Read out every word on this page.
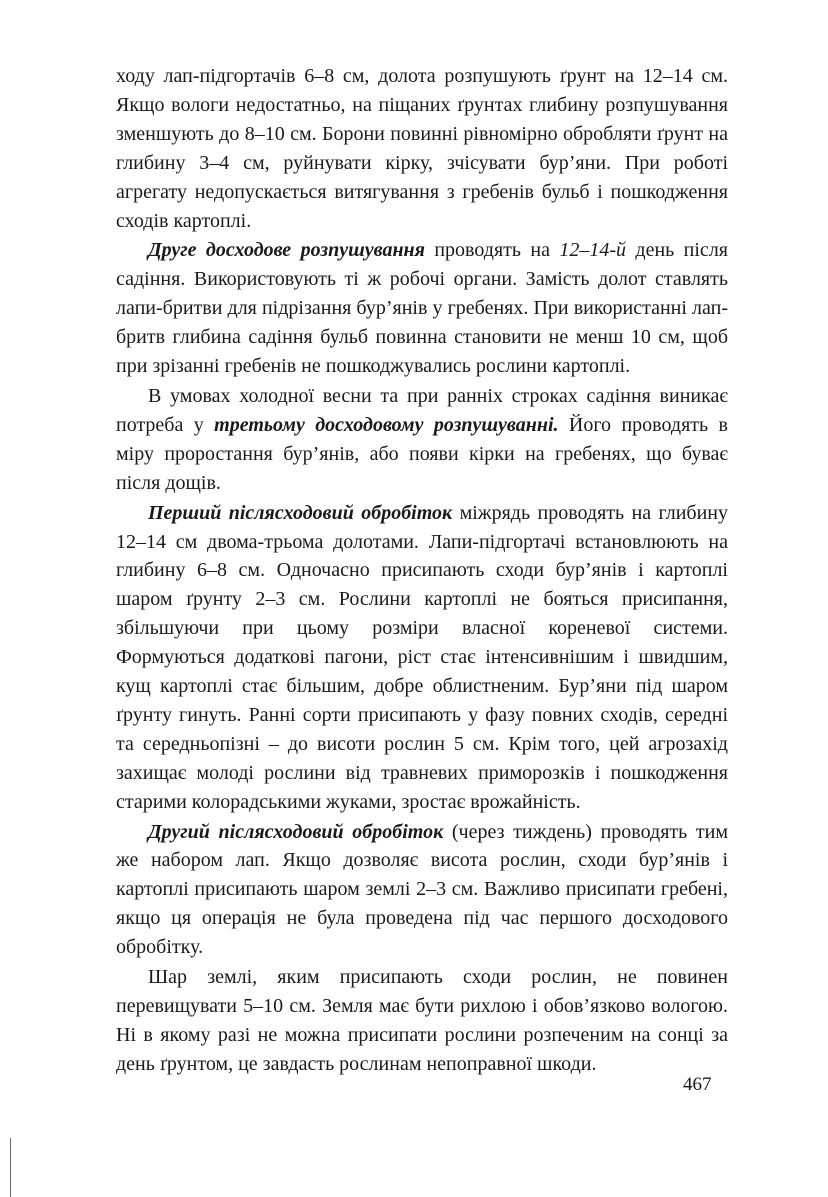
ходу лап-підгортачів 6–8 см, долота розпушують ґрунт на 12–14 см. Якщо вологи недостатньо, на піщаних ґрунтах глибину розпушування зменшують до 8–10 см. Борони повинні рівномірно обробляти ґрунт на глибину 3–4 см, руйнувати кірку, зчісувати бур’яни. При роботі агрегату недопускається витягування з гребенів бульб і пошкодження сходів картоплі.

Друге досходове розпушування проводять на 12–14-й день після садіння. Використовують ті ж робочі органи. Замість долот ставлять лапи-бритви для підрізання бур’янів у гребенях. При використанні лап-бритв глибина садіння бульб повинна становити не менш 10 см, щоб при зрізанні гребенів не пошкоджувались рослини картоплі.

В умовах холодної весни та при ранніх строках садіння виникає потреба у третьому досходовому розпушуванні. Його проводять в міру проростання бур’янів, або появи кірки на гребенях, що буває після дощів.

Перший післясходовий обробіток міжрядь проводять на глибину 12–14 см двома-трьома долотами. Лапи-підгортачі встановлюють на глибину 6–8 см. Одночасно присипають сходи бур’янів і картоплі шаром ґрунту 2–3 см. Рослини картоплі не бояться присипання, збільшуючи при цьому розміри власної кореневої системи. Формуються додаткові пагони, ріст стає інтенсивнішим і швидшим, кущ картоплі стає більшим, добре облистненим. Бур’яни під шаром ґрунту гинуть. Ранні сорти присипають у фазу повних сходів, середні та середньопізні – до висоти рослин 5 см. Крім того, цей агрозахід захищає молоді рослини від травневих приморозків і пошкодження старими колорадськими жуками, зростає врожайність.

Другий післясходовий обробіток (через тиждень) проводять тим же набором лап. Якщо дозволяє висота рослин, сходи бур’янів і картоплі присипають шаром землі 2–3 см. Важливо присипати гребені, якщо ця операція не була проведена під час першого досходового обробітку.

Шар землі, яким присипають сходи рослин, не повинен перевищувати 5–10 см. Земля має бути рихлою і обов’язково вологою. Ні в якому разі не можна присипати рослини розпеченим на сонці за день ґрунтом, це завдасть рослинам непоправної шкоди.

467
